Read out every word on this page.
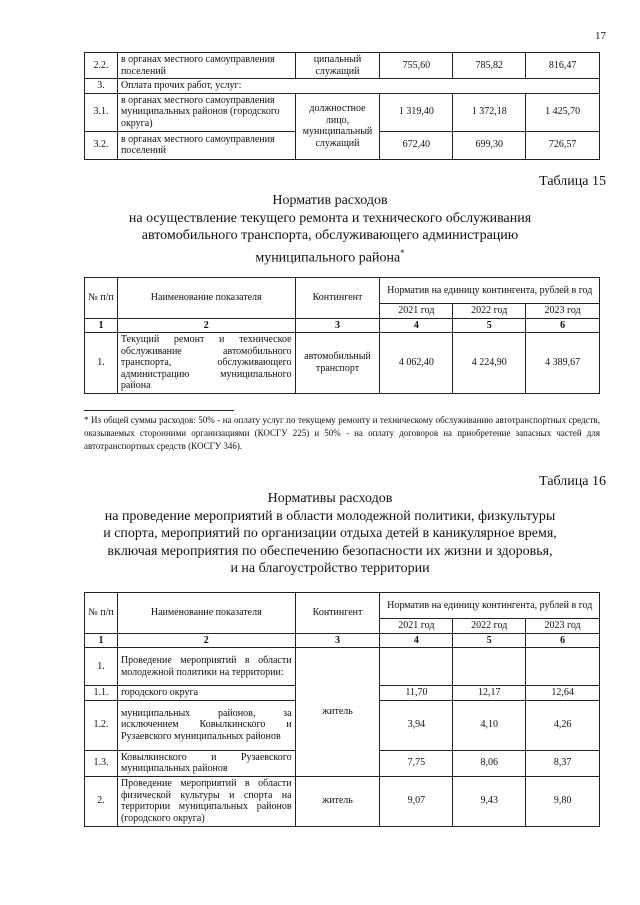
17
2.2.	в органах местного самоуправления поселений	ципальный служащий	755,60	785,82	816,47
3.	Оплата прочих работ, услуг:				
3.1.	в органах местного самоуправления муниципальных районов (городского округа)	должностное лицо, муниципальный служащий	1 319,40	1 372,18	1 425,70
3.2.	в органах местного самоуправления поселений		672,40	699,30	726,57
Таблица 15
Норматив расходов
на осуществление текущего ремонта и технического обслуживания
автомобильного транспорта, обслуживающего администрацию
муниципального района*
№ п/п	Наименование показателя	Контингент	Норматив на единицу контингента, рублей в год		
			2021 год	2022 год	2023 год
1	2	3	4	5	6
1.	Текущий ремонт и техническое обслуживание автомобильного транспорта, обслуживающего администрацию муниципального района	автомобильный транспорт	4 062,40	4 224,90	4 389,67
* Из общей суммы расходов: 50% - на оплату услуг по текущему ремонту и техническому обслуживанию автотранспортных средств, оказываемых сторонними организациями (КОСГУ 225) и 50% - на оплату договоров на приобретение запасных частей для автотранспортных средств (КОСГУ 346).
Таблица 16
Нормативы расходов
на проведение мероприятий в области молодежной политики, физкультуры
и спорта, мероприятий по организации отдыха детей в каникулярное время,
включая мероприятия по обеспечению безопасности их жизни и здоровья,
и на благоустройство территории
№ п/п	Наименование показателя	Контингент	Норматив на единицу контингента, рублей в год		
			2021 год	2022 год	2023 год
1	2	3	4	5	6
1.	Проведение мероприятий в области молодежной политики на территории:	житель			
1.1.	городского округа		11,70	12,17	12,64
1.2.	муниципальных районов, за исключением Ковылкинского и Рузаевского муниципальных районов		3,94	4,10	4,26
1.3.	Ковылкинского и Рузаевского муниципальных районов		7,75	8,06	8,37
2.	Проведение мероприятий в области физической культуры и спорта на территории муниципальных районов (городского округа)	житель	9,07	9,43	9,80
